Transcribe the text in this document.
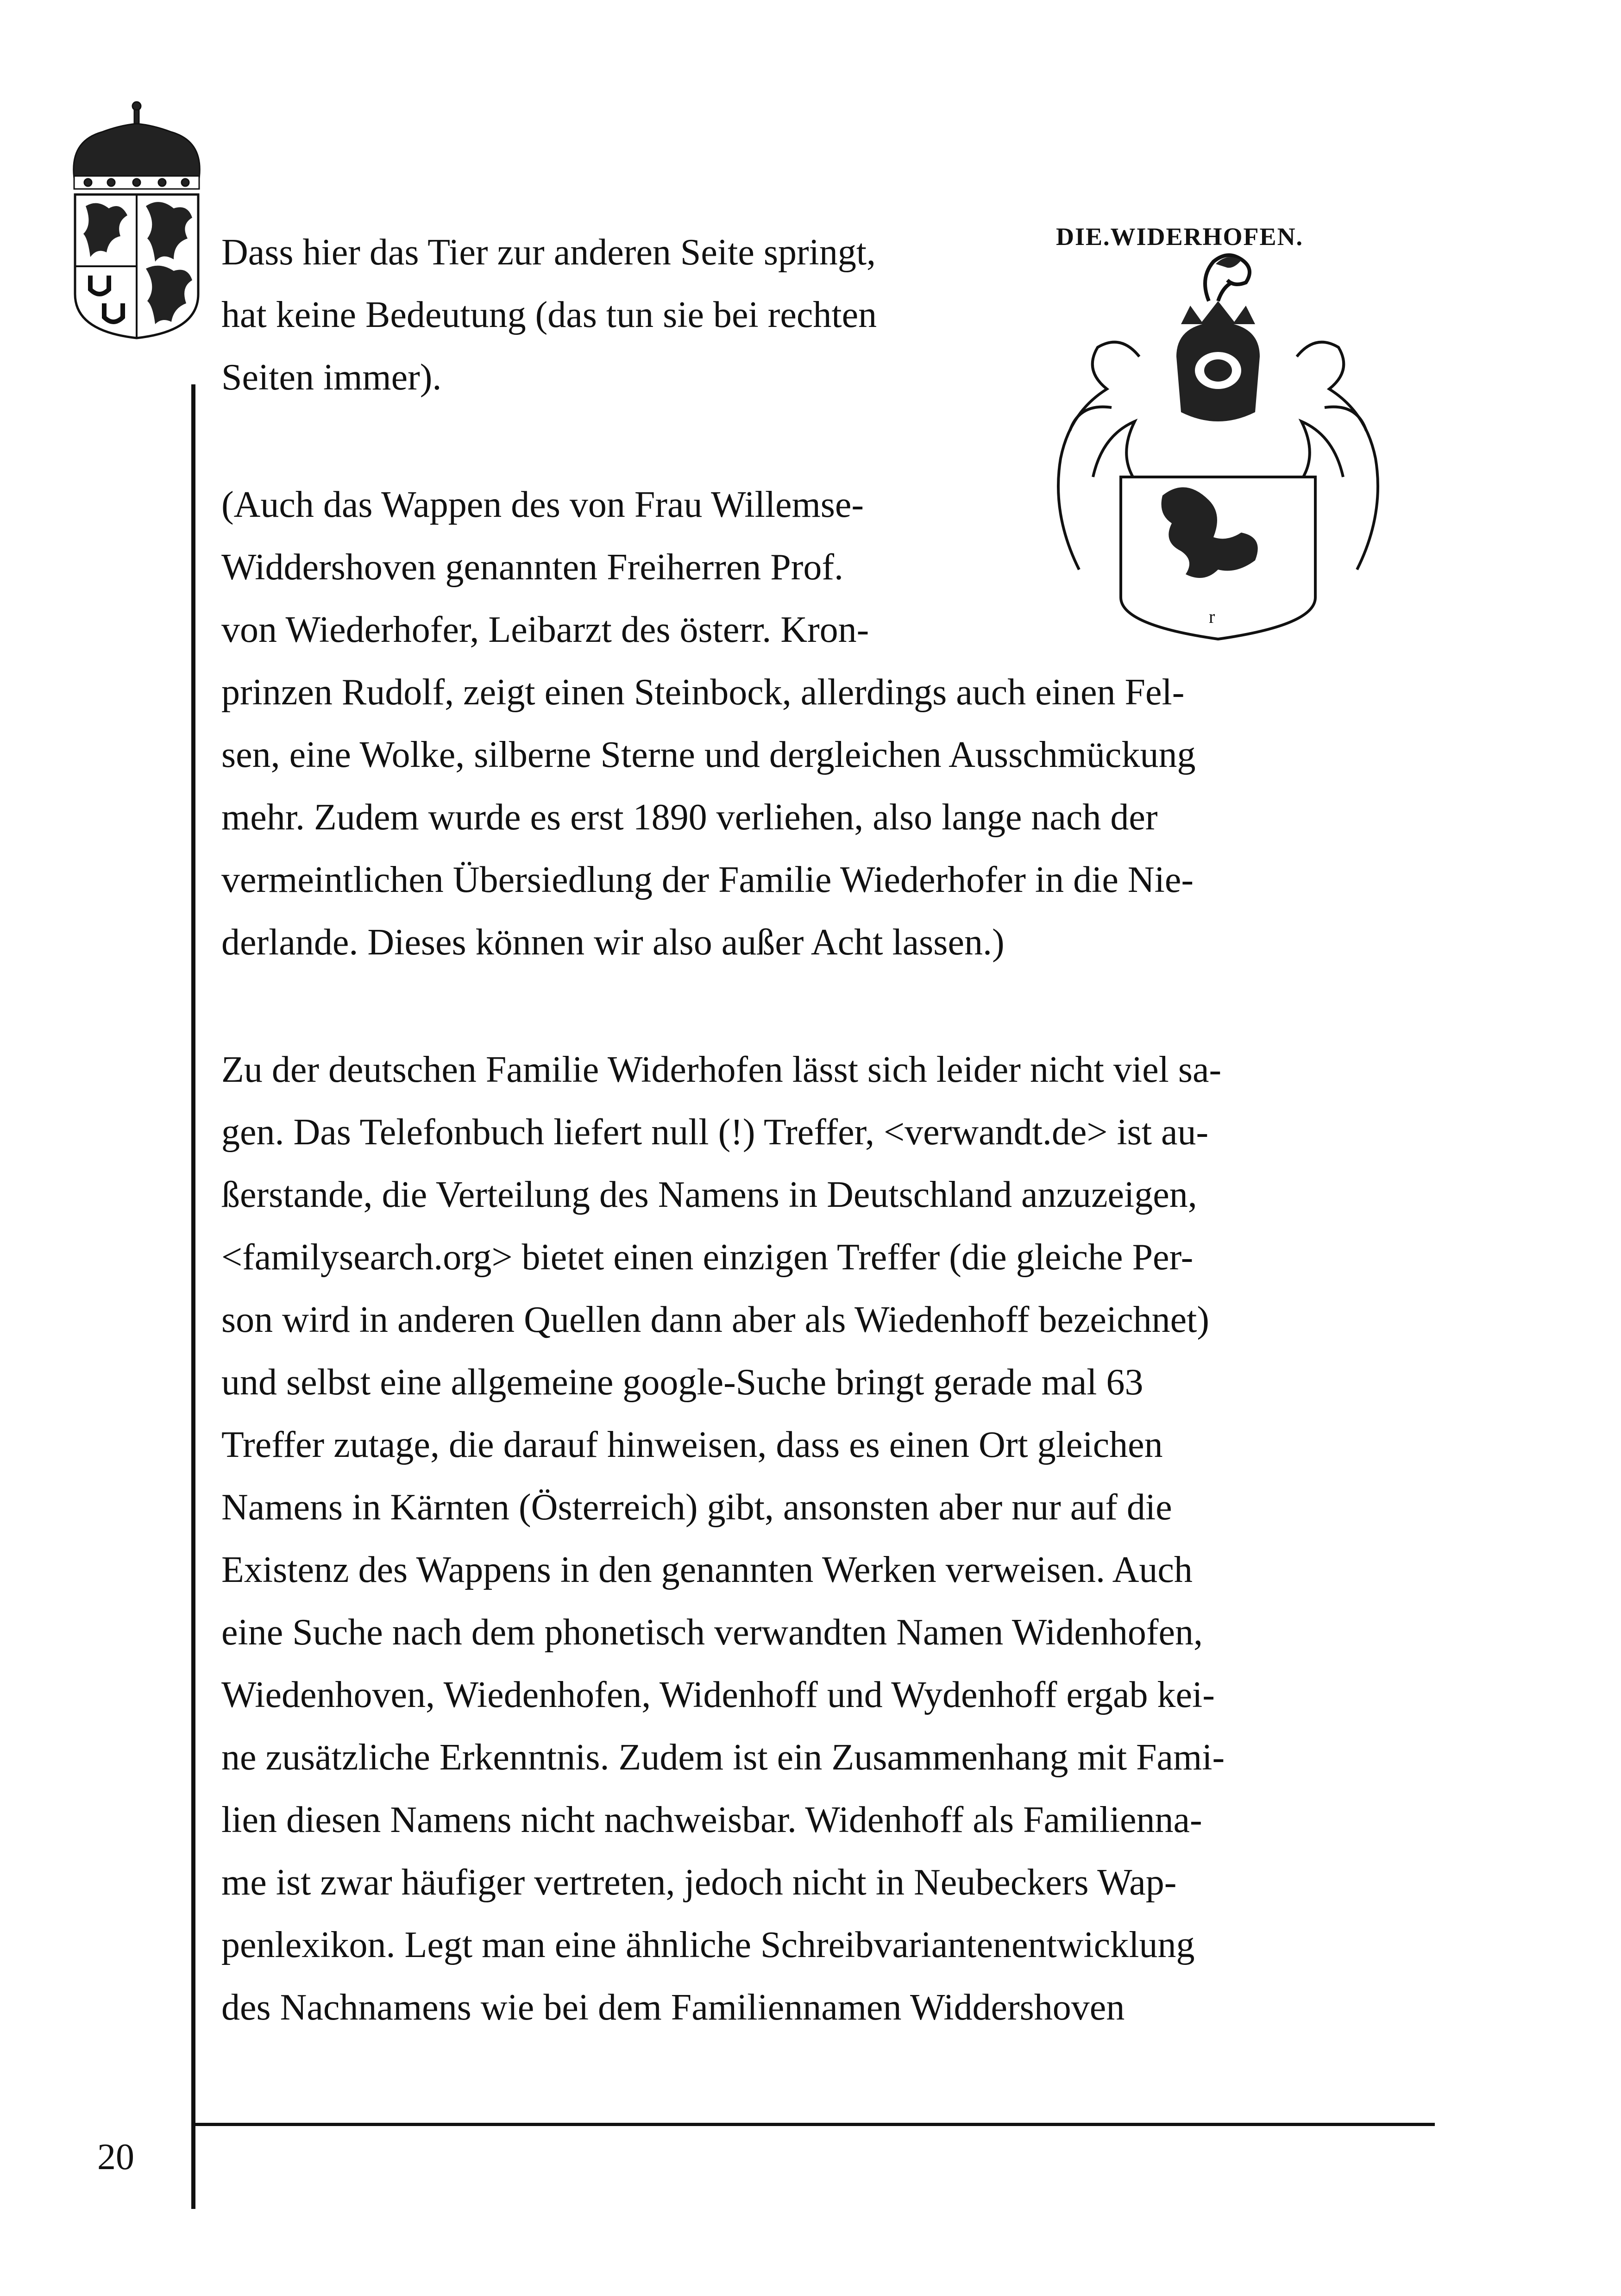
r
DIE.WIDERHOFEN.
Dass hier das Tier zur anderen Seite springt,
hat keine Bedeutung (das tun sie bei rechten
Seiten immer).
(Auch das Wappen des von Frau Willemse-
Widdershoven genannten Freiherren Prof.
von Wiederhofer, Leibarzt des österr. Kron-
prinzen Rudolf, zeigt einen Steinbock, allerdings auch einen Fel-
sen, eine Wolke, silberne Sterne und dergleichen Ausschmückung
mehr. Zudem wurde es erst 1890 verliehen, also lange nach der
vermeintlichen Übersiedlung der Familie Wiederhofer in die Nie-
derlande. Dieses können wir also außer Acht lassen.)
Zu der deutschen Familie Widerhofen lässt sich leider nicht viel sa-
gen. Das Telefonbuch liefert null (!) Treffer, <verwandt.de> ist au-
ßerstande, die Verteilung des Namens in Deutschland anzuzeigen,
<familysearch.org> bietet einen einzigen Treffer (die gleiche Per-
son wird in anderen Quellen dann aber als Wiedenhoff bezeichnet)
und selbst eine allgemeine google-Suche bringt gerade mal 63
Treffer zutage, die darauf hinweisen, dass es einen Ort gleichen
Namens in Kärnten (Österreich) gibt, ansonsten aber nur auf die
Existenz des Wappens in den genannten Werken verweisen. Auch
eine Suche nach dem phonetisch verwandten Namen Widenhofen,
Wiedenhoven, Wiedenhofen, Widenhoff und Wydenhoff ergab kei-
ne zusätzliche Erkenntnis. Zudem ist ein Zusammenhang mit Fami-
lien diesen Namens nicht nachweisbar. Widenhoff als Familienna-
me ist zwar häufiger vertreten, jedoch nicht in Neubeckers Wap-
penlexikon. Legt man eine ähnliche Schreibvariantenentwicklung
des Nachnamens wie bei dem Familiennamen Widdershoven
20
